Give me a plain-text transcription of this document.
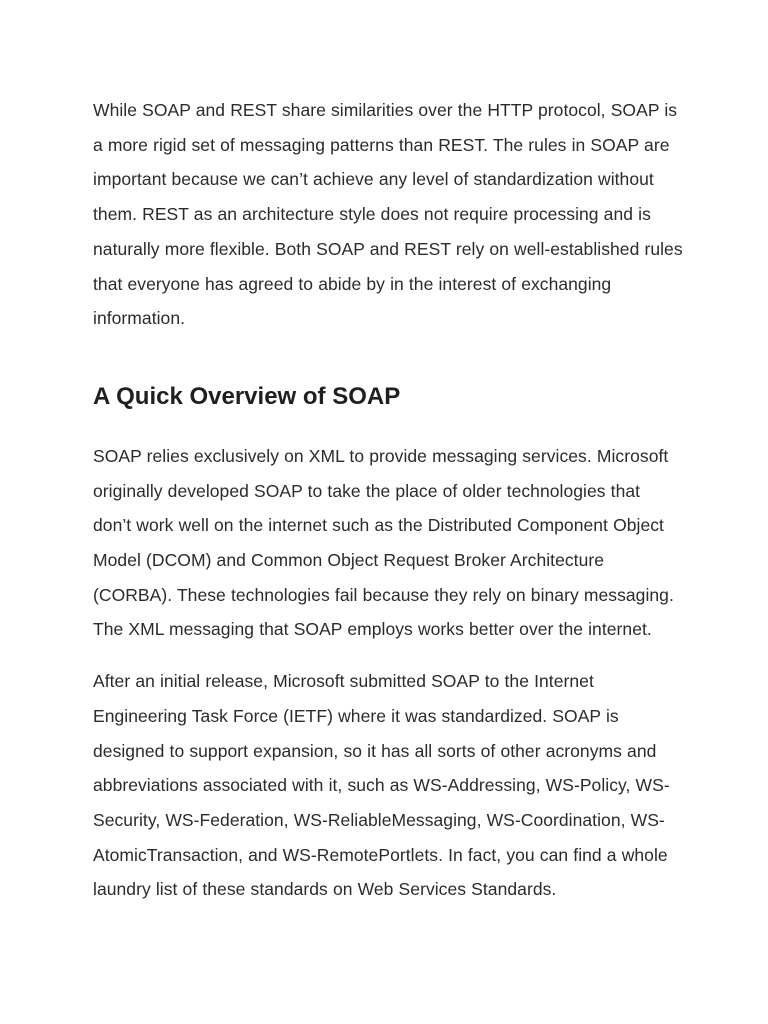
While SOAP and REST share similarities over the HTTP protocol, SOAP is a more rigid set of messaging patterns than REST. The rules in SOAP are important because we can’t achieve any level of standardization without them. REST as an architecture style does not require processing and is naturally more flexible. Both SOAP and REST rely on well-established rules that everyone has agreed to abide by in the interest of exchanging information.

A Quick Overview of SOAP

SOAP relies exclusively on XML to provide messaging services. Microsoft originally developed SOAP to take the place of older technologies that don’t work well on the internet such as the Distributed Component Object Model (DCOM) and Common Object Request Broker Architecture (CORBA). These technologies fail because they rely on binary messaging. The XML messaging that SOAP employs works better over the internet.

After an initial release, Microsoft submitted SOAP to the Internet Engineering Task Force (IETF) where it was standardized. SOAP is designed to support expansion, so it has all sorts of other acronyms and abbreviations associated with it, such as WS-Addressing, WS-Policy, WS-Security, WS-Federation, WS-ReliableMessaging, WS-Coordination, WS-AtomicTransaction, and WS-RemotePortlets. In fact, you can find a whole laundry list of these standards on Web Services Standards.
